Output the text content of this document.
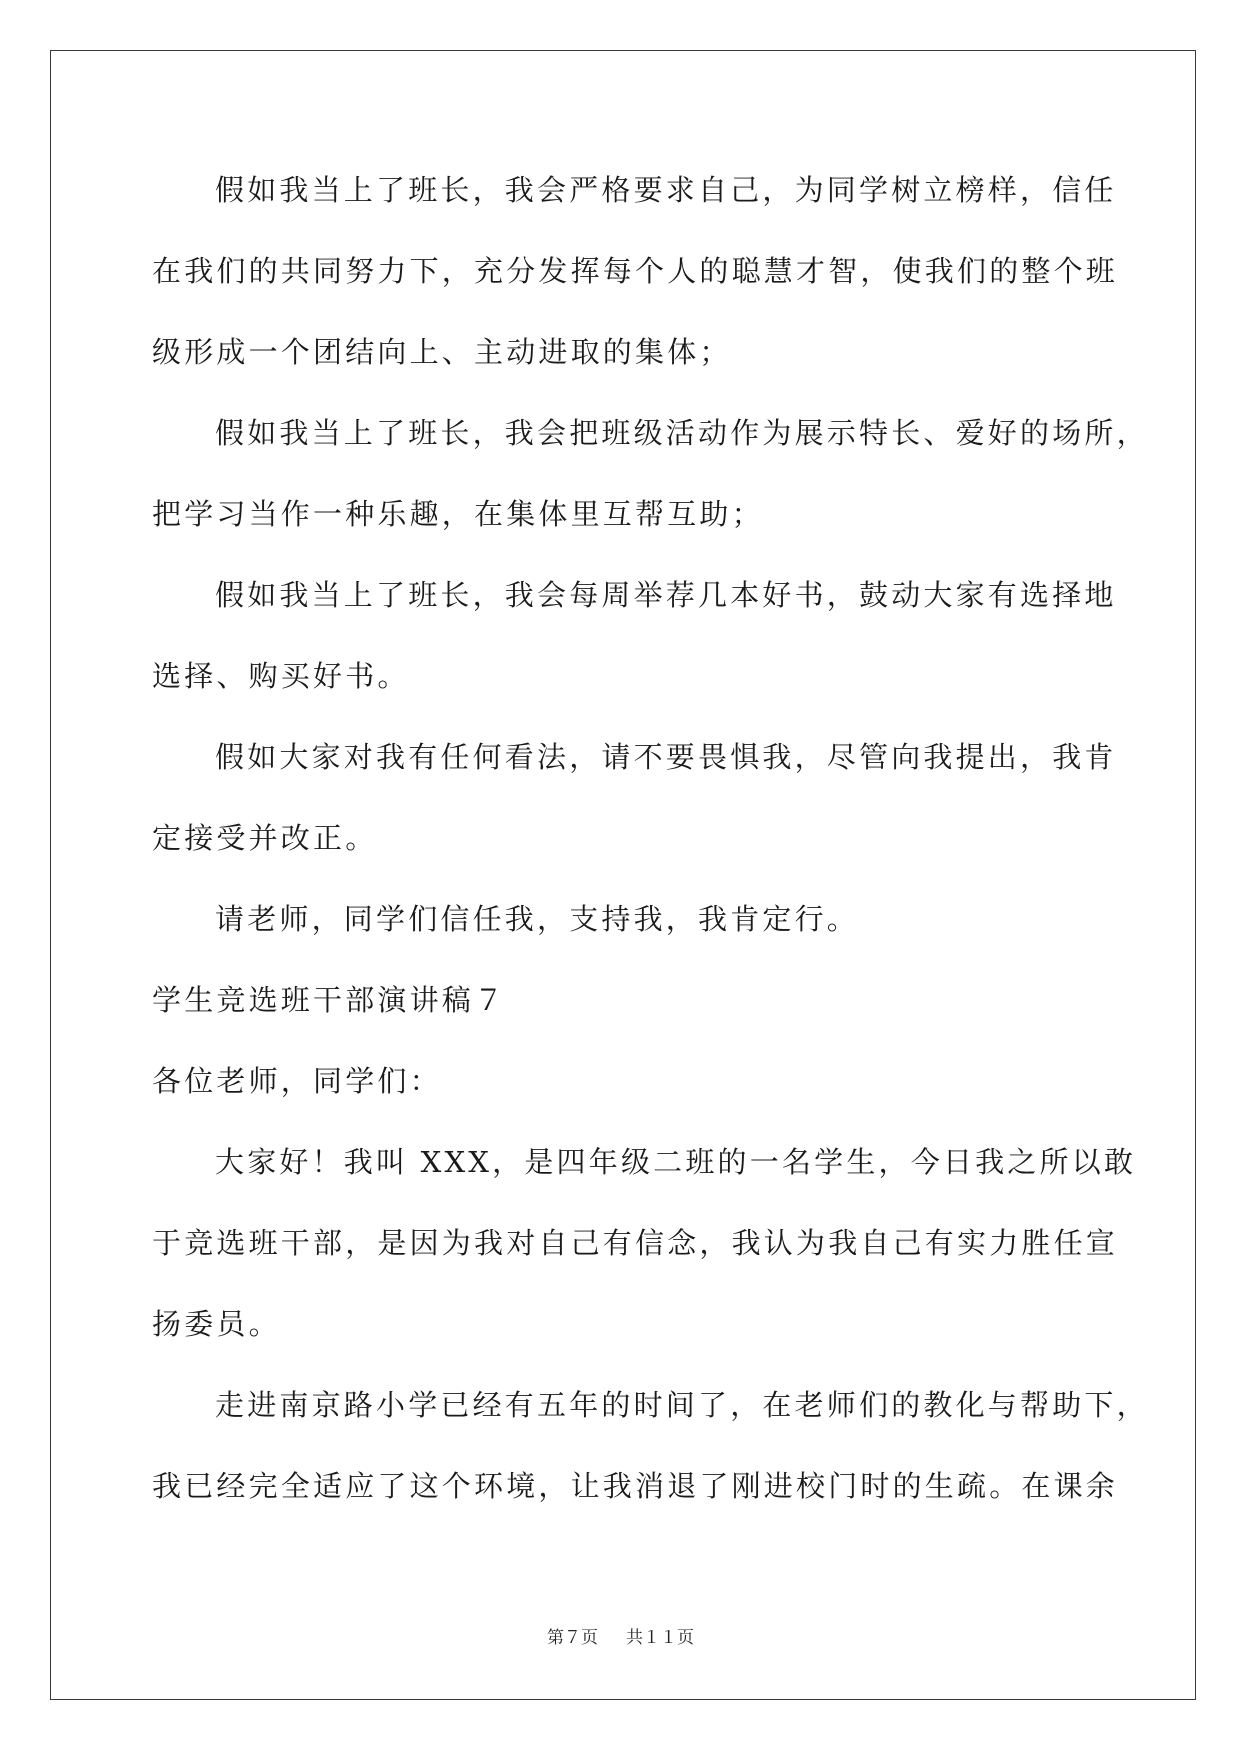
假如我当上了班长，我会严格要求自己，为同学树立榜样，信任
在我们的共同努力下，充分发挥每个人的聪慧才智，使我们的整个班
级形成一个团结向上、主动进取的集体；
假如我当上了班长，我会把班级活动作为展示特长、爱好的场所，
把学习当作一种乐趣，在集体里互帮互助；
假如我当上了班长，我会每周举荐几本好书，鼓动大家有选择地
选择、购买好书。
假如大家对我有任何看法，请不要畏惧我，尽管向我提出，我肯
定接受并改正。
请老师，同学们信任我，支持我，我肯定行。
学生竞选班干部演讲稿７
各位老师，同学们：
大家好！我叫 XXX，是四年级二班的一名学生，今日我之所以敢
于竞选班干部，是因为我对自己有信念，我认为我自己有实力胜任宣
扬委员。
走进南京路小学已经有五年的时间了，在老师们的教化与帮助下，
我已经完全适应了这个环境，让我消退了刚进校门时的生疏。在课余
第７页 共１１页
